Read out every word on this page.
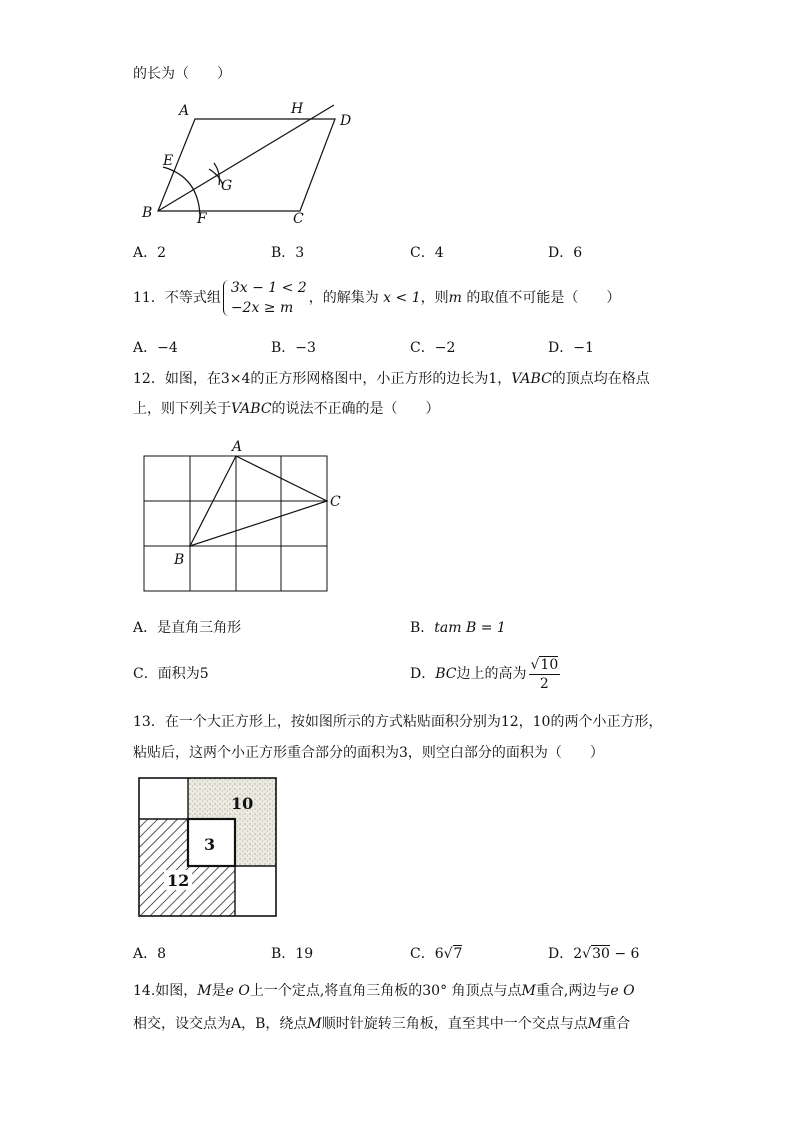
的长为（　　）
A	H
D
E
G
B	F	C
A．2	B．3	C．4	D．6
11．不等式组
3x − 1 < 2
−2x ≥ m
，的解集为 x < 1，则m 的取值不可能是（　　）
A．−4	B．−3	C．−2	D．−1
12．如图，在3×4的正方形网格图中，小正方形的边长为1，VABC的顶点均在格点
上，则下列关于VABC的说法不正确的是（　　）
A
C
B
A．是直角三角形	B．tam B = 1
C．面积为5	D．BC边上的高为 $\frac{√10}{2}$
13．在一个大正方形上，按如图所示的方式粘贴面积分别为12，10的两个小正方形，
粘贴后，这两个小正方形重合部分的面积为3，则空白部分的面积为（　　）
10
3
12
A．8	B．19	C．6√7	D．2√30 − 6
14.如图，M是e O上一个定点,将直角三角板的30° 角顶点与点M重合,两边与e O
相交，设交点为A，B，绕点M顺时针旋转三角板，直至其中一个交点与点M重合
